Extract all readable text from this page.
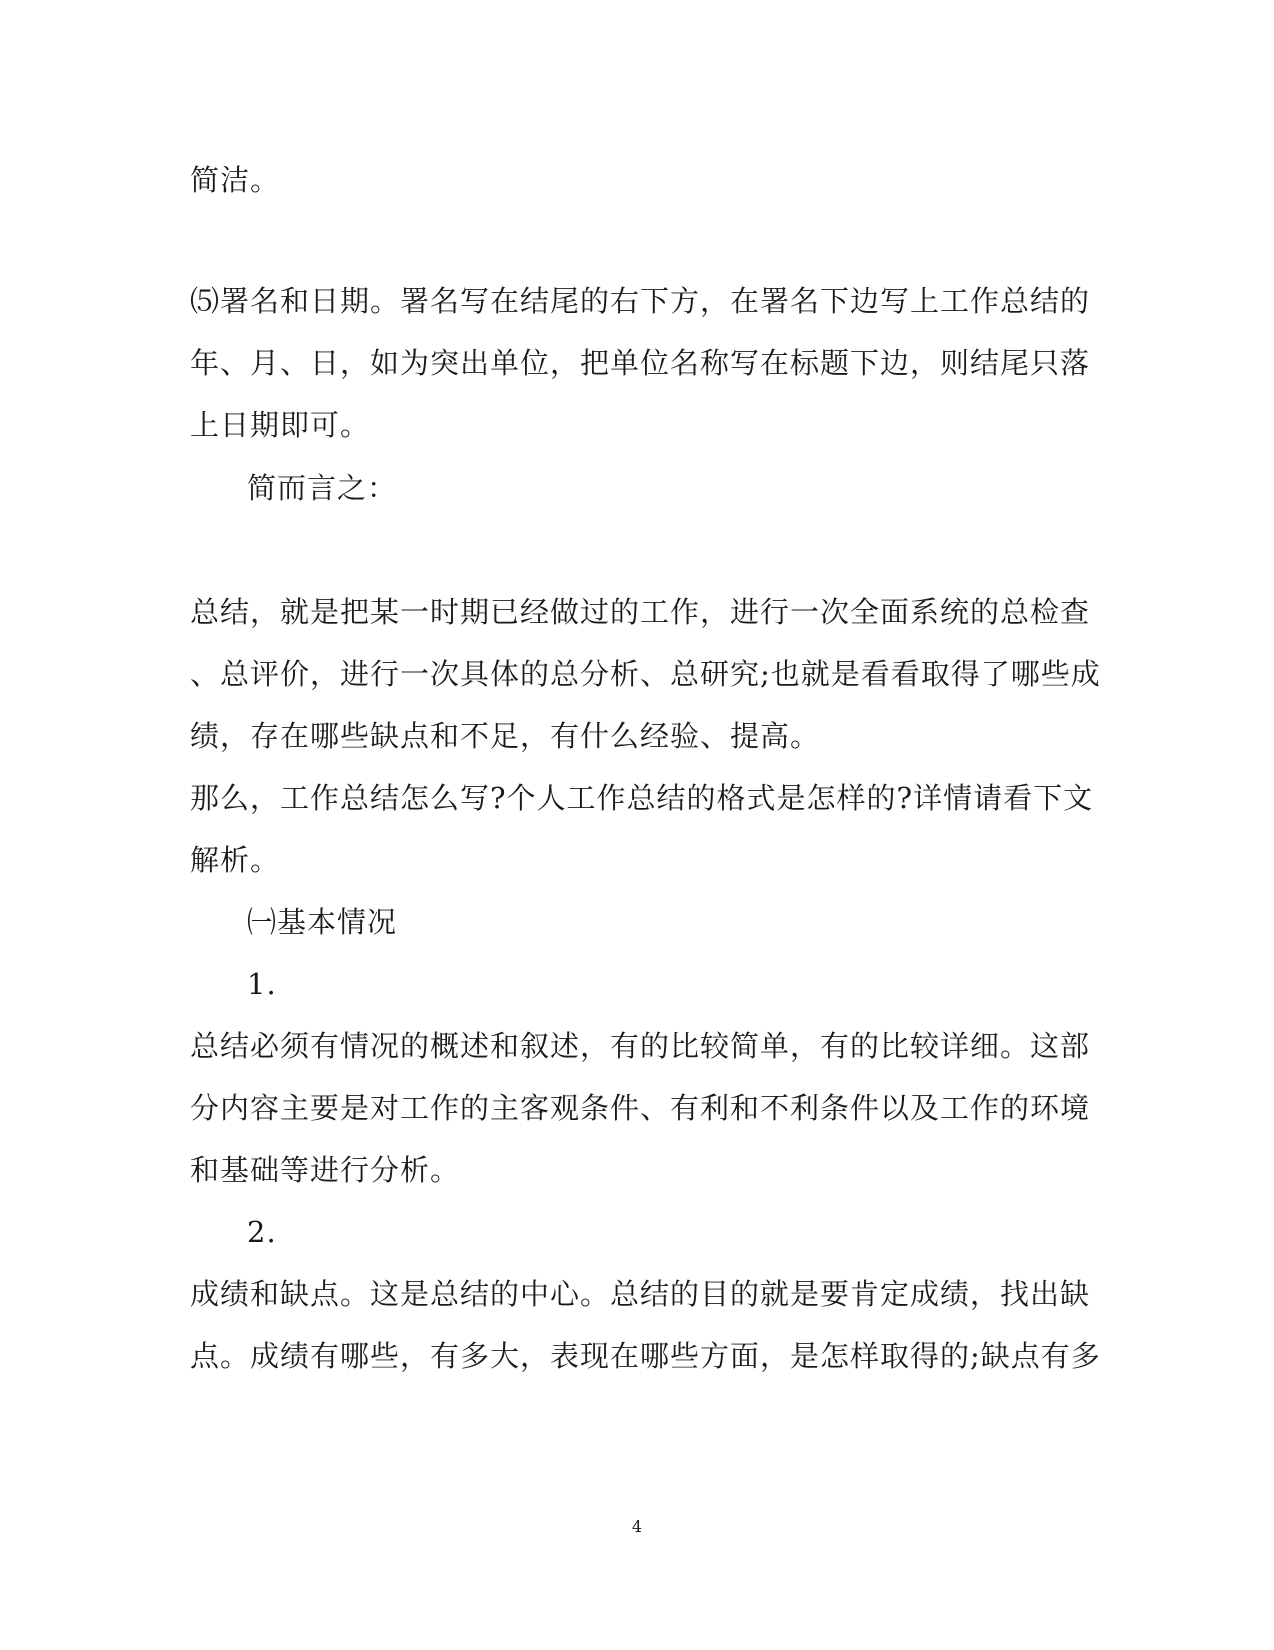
简洁。
⑸署名和日期。署名写在结尾的右下方，在署名下边写上工作总结的
年、月、日，如为突出单位，把单位名称写在标题下边，则结尾只落
上日期即可。
简而言之：
总结，就是把某一时期已经做过的工作，进行一次全面系统的总检查
、总评价，进行一次具体的总分析、总研究;也就是看看取得了哪些成
绩，存在哪些缺点和不足，有什么经验、提高。
那么，工作总结怎么写?个人工作总结的格式是怎样的?详情请看下文
解析。
㈠基本情况
1.
总结必须有情况的概述和叙述，有的比较简单，有的比较详细。这部
分内容主要是对工作的主客观条件、有利和不利条件以及工作的环境
和基础等进行分析。
2.
成绩和缺点。这是总结的中心。总结的目的就是要肯定成绩，找出缺
点。成绩有哪些，有多大，表现在哪些方面，是怎样取得的;缺点有多
4
